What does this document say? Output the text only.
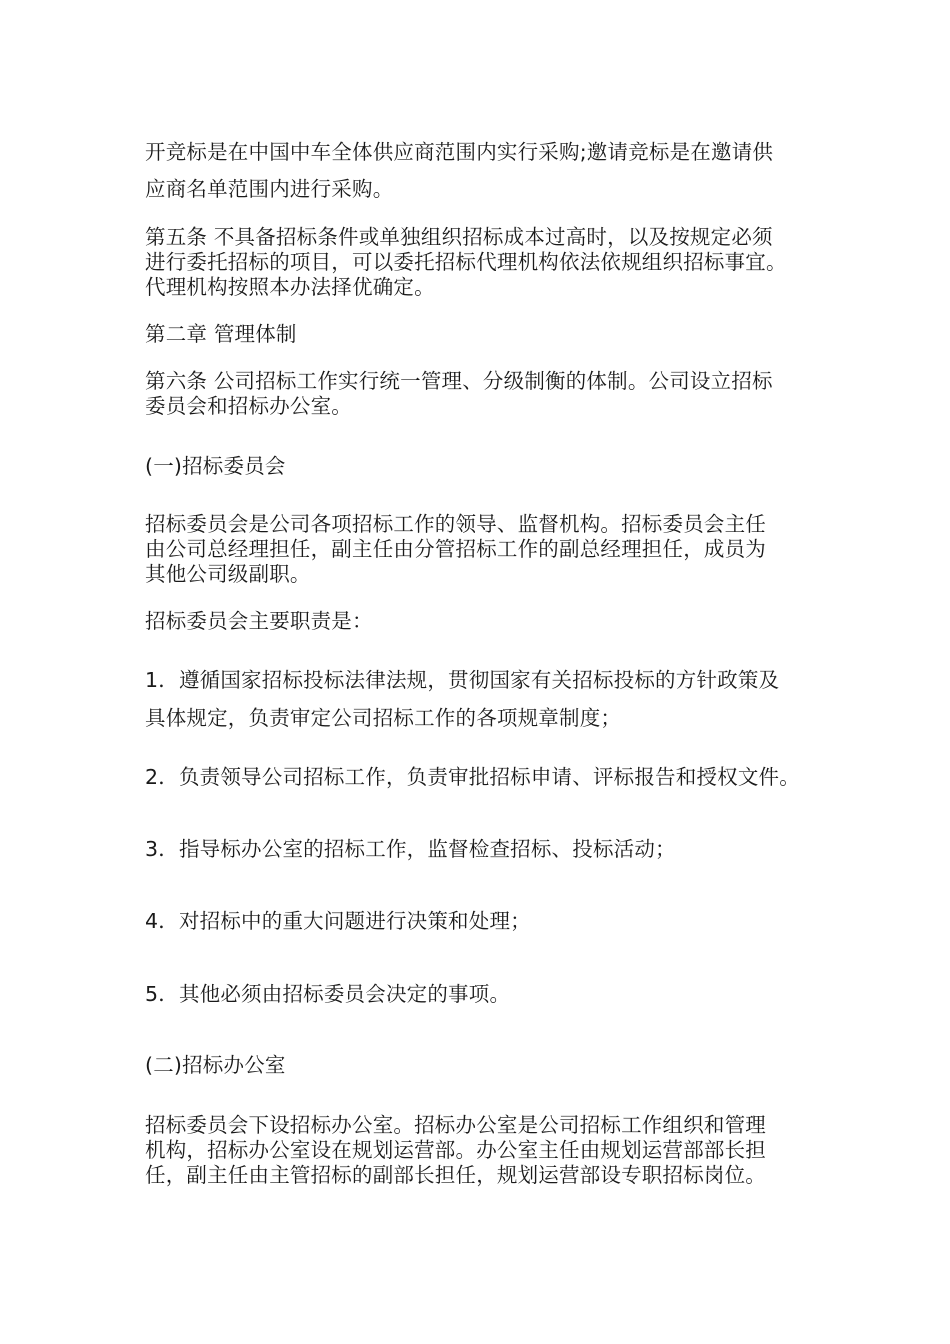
开竞标是在中国中车全体供应商范围内实行采购;邀请竞标是在邀请供
应商名单范围内进行采购。
第五条 不具备招标条件或单独组织招标成本过高时，以及按规定必须
进行委托招标的项目，可以委托招标代理机构依法依规组织招标事宜。
代理机构按照本办法择优确定。
第二章 管理体制
第六条 公司招标工作实行统一管理、分级制衡的体制。公司设立招标
委员会和招标办公室。
(一)招标委员会
招标委员会是公司各项招标工作的领导、监督机构。招标委员会主任
由公司总经理担任，副主任由分管招标工作的副总经理担任，成员为
其他公司级副职。
招标委员会主要职责是：
1．遵循国家招标投标法律法规，贯彻国家有关招标投标的方针政策及
具体规定，负责审定公司招标工作的各项规章制度；
2．负责领导公司招标工作，负责审批招标申请、评标报告和授权文件。
3．指导标办公室的招标工作，监督检查招标、投标活动；
4．对招标中的重大问题进行决策和处理；
5．其他必须由招标委员会决定的事项。
(二)招标办公室
招标委员会下设招标办公室。招标办公室是公司招标工作组织和管理
机构，招标办公室设在规划运营部。办公室主任由规划运营部部长担
任，副主任由主管招标的副部长担任，规划运营部设专职招标岗位。
